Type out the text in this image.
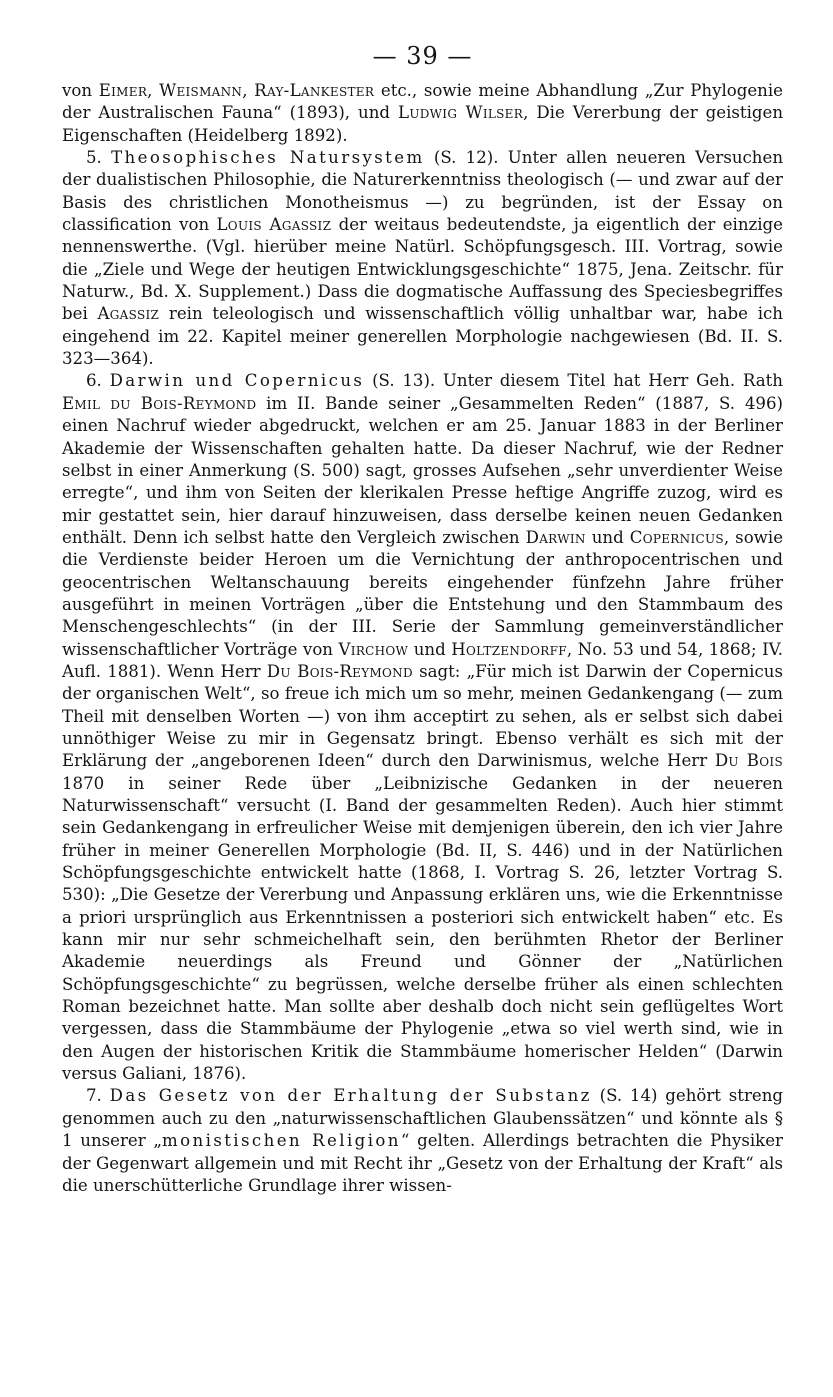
— 39 —

von Eimer, Weismann, Ray-Lankester etc., sowie meine Abhandlung „Zur Phylogenie der Australischen Fauna“ (1893), und Ludwig Wilser, Die Vererbung der geistigen Eigenschaften (Heidelberg 1892).

5. Theosophisches Natursystem (S. 12). Unter allen neueren Versuchen der dualistischen Philosophie, die Naturerkenntniss theologisch (— und zwar auf der Basis des christlichen Monotheismus —) zu begründen, ist der Essay on classification von Louis Agassiz der weitaus bedeutendste, ja eigentlich der einzige nennenswerthe. (Vgl. hierüber meine Natürl. Schöpfungsgesch. III. Vortrag, sowie die „Ziele und Wege der heutigen Entwicklungsgeschichte“ 1875, Jena. Zeitschr. für Naturw., Bd. X. Supplement.) Dass die dogmatische Auffassung des Speciesbegriffes bei Agassiz rein teleologisch und wissenschaftlich völlig unhaltbar war, habe ich eingehend im 22. Kapitel meiner generellen Morphologie nachgewiesen (Bd. II. S. 323—364).

6. Darwin und Copernicus (S. 13). Unter diesem Titel hat Herr Geh. Rath Emil du Bois-Reymond im II. Bande seiner „Gesammelten Reden“ (1887, S. 496) einen Nachruf wieder abgedruckt, welchen er am 25. Januar 1883 in der Berliner Akademie der Wissenschaften gehalten hatte. Da dieser Nachruf, wie der Redner selbst in einer Anmerkung (S. 500) sagt, grosses Aufsehen „sehr unverdienter Weise erregte“, und ihm von Seiten der klerikalen Presse heftige Angriffe zuzog, wird es mir gestattet sein, hier darauf hinzuweisen, dass derselbe keinen neuen Gedanken enthält. Denn ich selbst hatte den Vergleich zwischen Darwin und Copernicus, sowie die Verdienste beider Heroen um die Vernichtung der anthropocentrischen und geocentrischen Weltanschauung bereits eingehender fünfzehn Jahre früher ausgeführt in meinen Vorträgen „über die Entstehung und den Stammbaum des Menschengeschlechts“ (in der III. Serie der Sammlung gemeinverständlicher wissenschaftlicher Vorträge von Virchow und Holtzendorff, No. 53 und 54, 1868; IV. Aufl. 1881). Wenn Herr Du Bois-Reymond sagt: „Für mich ist Darwin der Copernicus der organischen Welt“, so freue ich mich um so mehr, meinen Gedankengang (— zum Theil mit denselben Worten —) von ihm acceptirt zu sehen, als er selbst sich dabei unnöthiger Weise zu mir in Gegensatz bringt. Ebenso verhält es sich mit der Erklärung der „angeborenen Ideen“ durch den Darwinismus, welche Herr Du Bois 1870 in seiner Rede über „Leibnizische Gedanken in der neueren Naturwissenschaft“ versucht (I. Band der gesammelten Reden). Auch hier stimmt sein Gedankengang in erfreulicher Weise mit demjenigen überein, den ich vier Jahre früher in meiner Generellen Morphologie (Bd. II, S. 446) und in der Natürlichen Schöpfungsgeschichte entwickelt hatte (1868, I. Vortrag S. 26, letzter Vortrag S. 530): „Die Gesetze der Vererbung und Anpassung erklären uns, wie die Erkenntnisse a priori ursprünglich aus Erkenntnissen a posteriori sich entwickelt haben“ etc. Es kann mir nur sehr schmeichelhaft sein, den berühmten Rhetor der Berliner Akademie neuerdings als Freund und Gönner der „Natürlichen Schöpfungsgeschichte“ zu begrüssen, welche derselbe früher als einen schlechten Roman bezeichnet hatte. Man sollte aber deshalb doch nicht sein geflügeltes Wort vergessen, dass die Stammbäume der Phylogenie „etwa so viel werth sind, wie in den Augen der historischen Kritik die Stammbäume homerischer Helden“ (Darwin versus Galiani, 1876).

7. Das Gesetz von der Erhaltung der Substanz (S. 14) gehört streng genommen auch zu den „naturwissenschaftlichen Glaubenssätzen“ und könnte als § 1 unserer „monistischen Religion“ gelten. Allerdings betrachten die Physiker der Gegenwart allgemein und mit Recht ihr „Gesetz von der Erhaltung der Kraft“ als die unerschütterliche Grundlage ihrer wissen-
